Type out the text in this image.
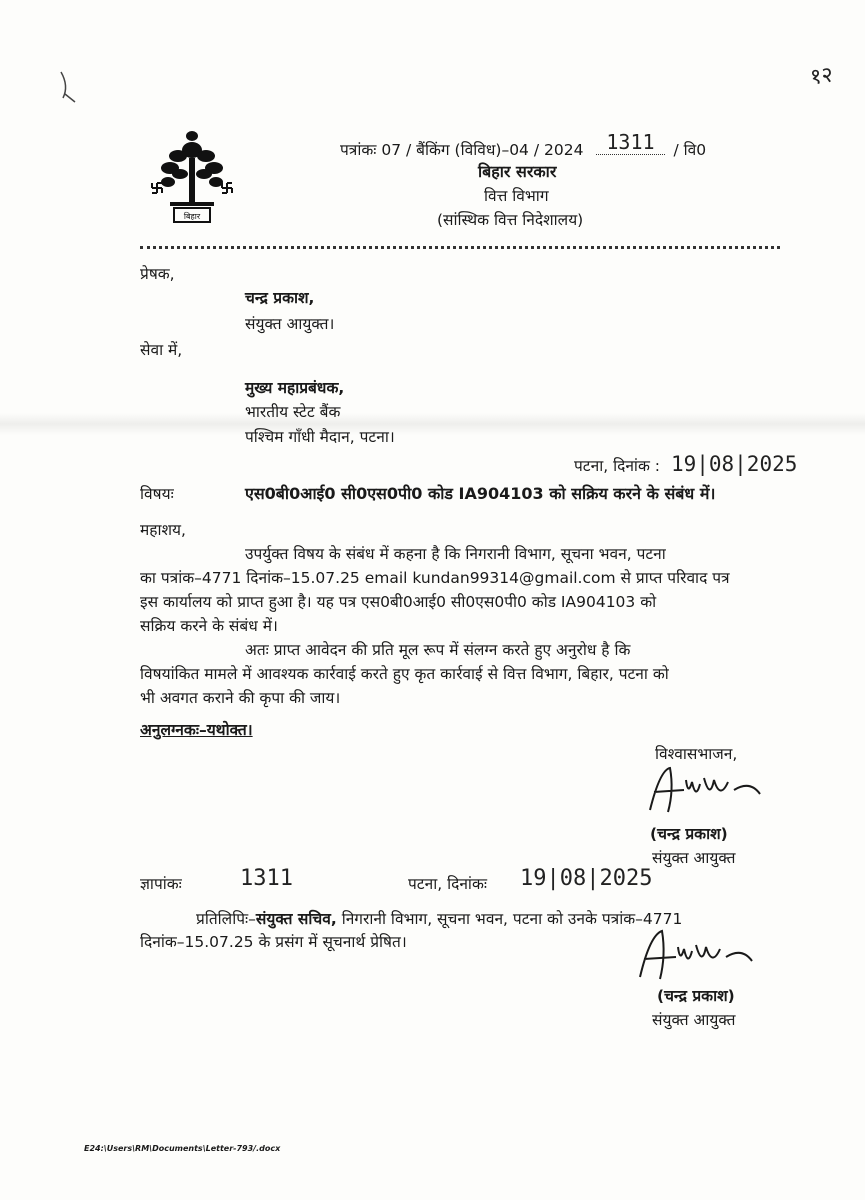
१२
बिहार
पत्रांकः 07 / बैंकिंग (विविध)–04 / 2024 1311 / वि0
बिहार सरकार
वित्त विभाग
(सांस्थिक वित्त निदेशालय)
प्रेषक,
चन्द्र प्रकाश,
संयुक्त आयुक्त।
सेवा में,
मुख्य महाप्रबंधक,
भारतीय स्टेट बैंक
पश्चिम गाँधी मैदान, पटना।
पटना, दिनांक : 19|08|2025
विषयः	एस0बी0आई0 सी0एस0पी0 कोड IA904103 को सक्रिय करने के संबंध में।
महाशय,
उपर्युक्त विषय के संबंध में कहना है कि निगरानी विभाग, सूचना भवन, पटना
का पत्रांक–4771 दिनांक–15.07.25 email kundan99314@gmail.com से प्राप्त परिवाद पत्र
इस कार्यालय को प्राप्त हुआ है। यह पत्र एस0बी0आई0 सी0एस0पी0 कोड IA904103 को
सक्रिय करने के संबंध में।
अतः प्राप्त आवेदन की प्रति मूल रूप में संलग्न करते हुए अनुरोध है कि
विषयांकित मामले में आवश्यक कार्रवाई करते हुए कृत कार्रवाई से वित्त विभाग, बिहार, पटना को
भी अवगत कराने की कृपा की जाय।
अनुलग्नकः–यथोक्त।
विश्वासभाजन,
(चन्द्र प्रकाश)
संयुक्त आयुक्त
ज्ञापांकः	1311	पटना, दिनांकः 19|08|2025
प्रतिलिपिः–संयुक्त सचिव, निगरानी विभाग, सूचना भवन, पटना को उनके पत्रांक–4771
दिनांक–15.07.25 के प्रसंग में सूचनार्थ प्रेषित।
(चन्द्र प्रकाश)
संयुक्त आयुक्त
E24:\Users\RM\Documents\Letter-793/.docx
